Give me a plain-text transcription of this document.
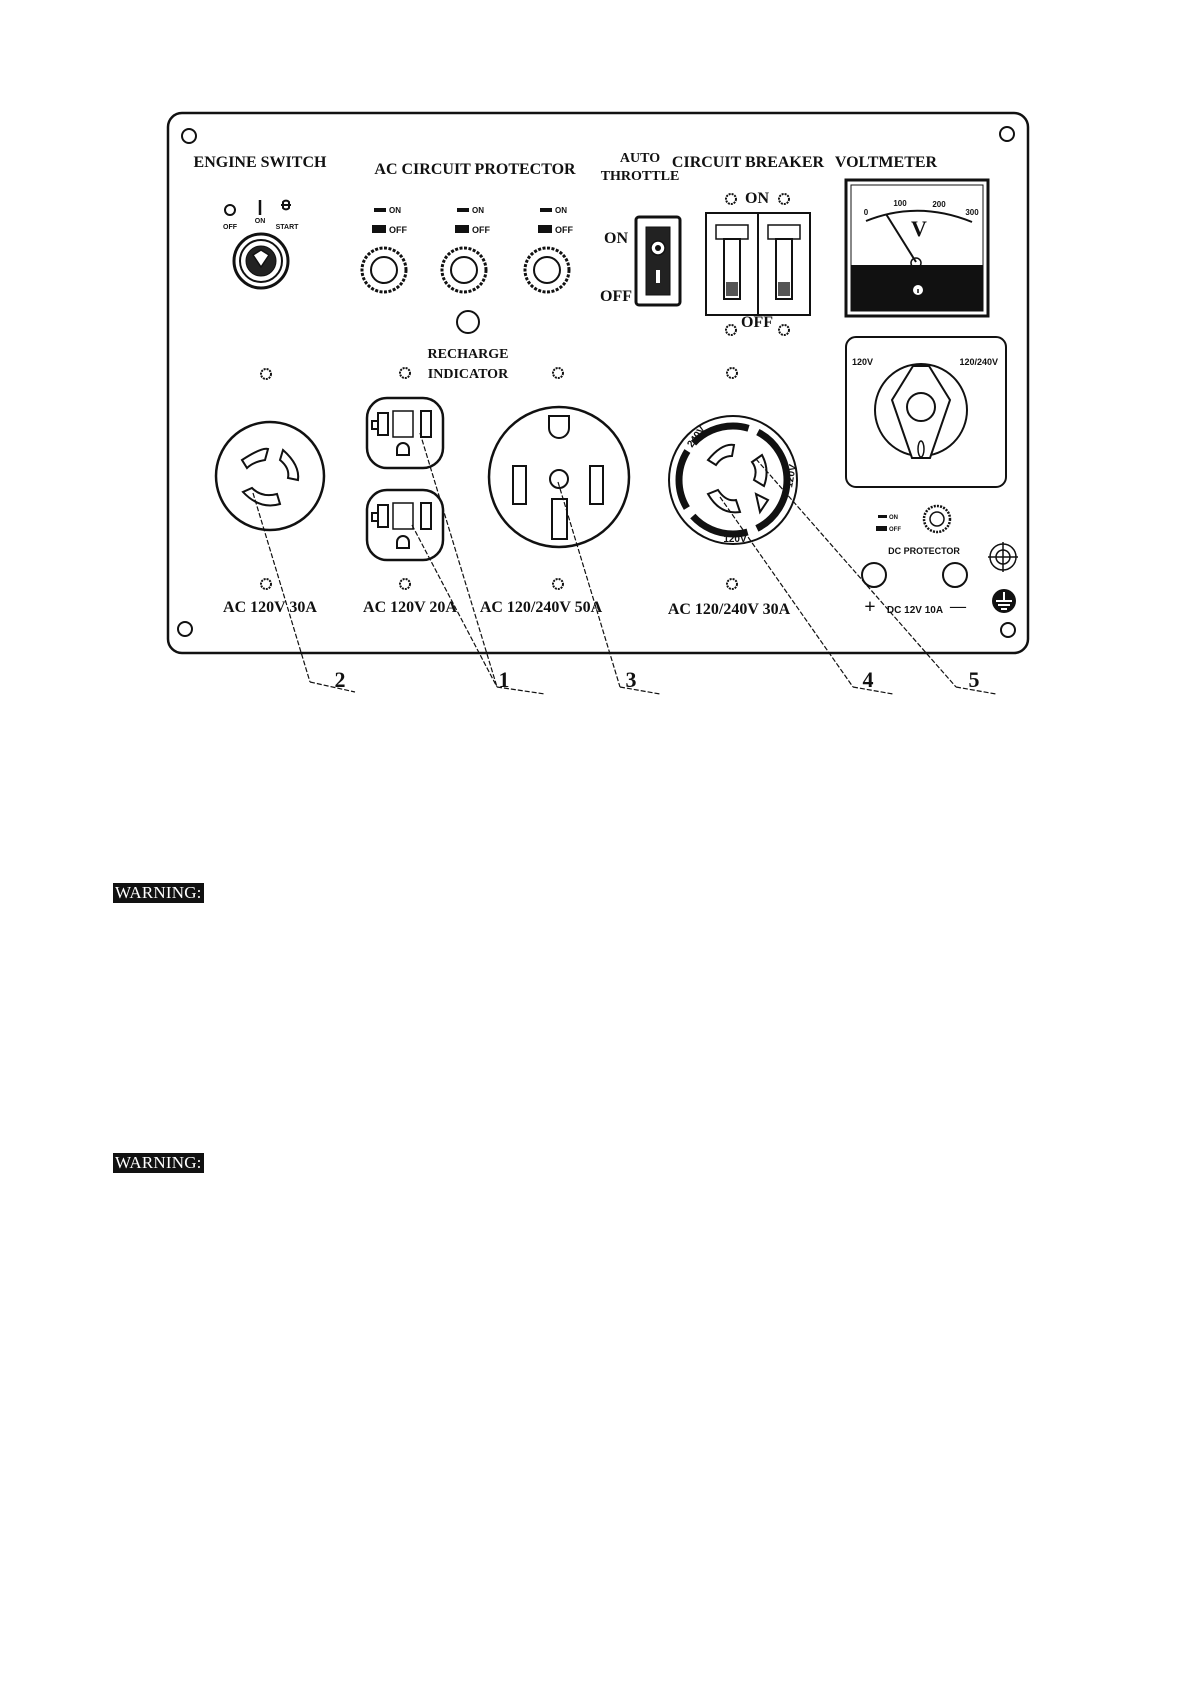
ENGINE SWITCH
OFF
ON
START
AC CIRCUIT PROTECTOR
ON
OFF
ON
OFF
ON
OFF
RECHARGE
INDICATOR
AUTO
THROTTLE
ON
OFF
CIRCUIT BREAKER
ON
OFF
VOLTMETER
0
100	200
300
V
120V	120/240V
ON
OFF
DC PROTECTOR
+ DC 12V 10A —
240V
120V
120V
AC 120V 30A	AC 120V 20A AC 120/240V 50A	AC 120/240V 30A
2	1	3	4	5
WARNING:
WARNING:
